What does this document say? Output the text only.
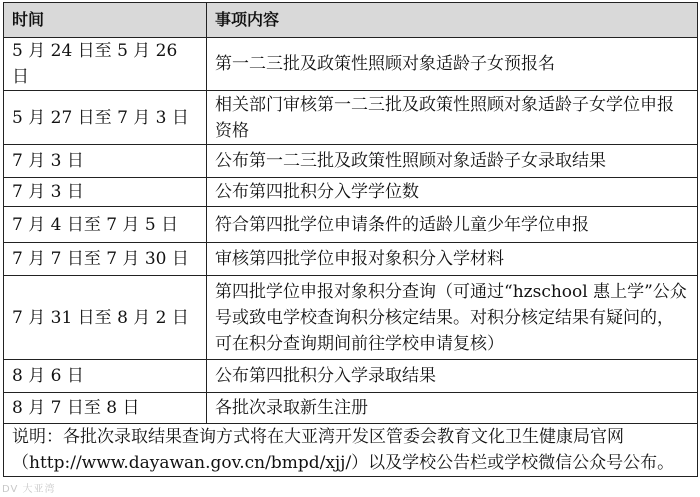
时间	事项内容
5 月 24 日至 5 月 26 日	第一二三批及政策性照顾对象适龄子女预报名
5 月 27 日至 7 月 3 日	相关部门审核第一二三批及政策性照顾对象适龄子女学位申报资格
7 月 3 日	公布第一二三批及政策性照顾对象适龄子女录取结果
7 月 3 日	公布第四批积分入学学位数
7 月 4 日至 7 月 5 日	符合第四批学位申请条件的适龄儿童少年学位申报
7 月 7 日至 7 月 30 日	审核第四批学位申报对象积分入学材料
7 月 31 日至 8 月 2 日	第四批学位申报对象积分查询（可通过“hzschool 惠上学”公众号或致电学校查询积分核定结果。对积分核定结果有疑问的，可在积分查询期间前往学校申请复核）
8 月 6 日	公布第四批积分入学录取结果
8 月 7 日至 8 日	各批次录取新生注册
说明：各批次录取结果查询方式将在大亚湾开发区管委会教育文化卫生健康局官网（http://www.dayawan.gov.cn/bmpd/xjj/）以及学校公告栏或学校微信公众号公布。	
DV 大亚湾
